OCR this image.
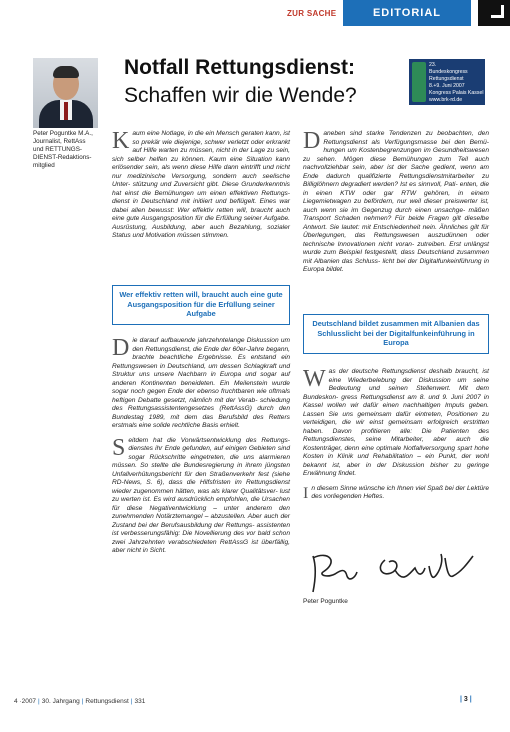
ZUR SACHE	EDITORIAL
Peter Poguntke M.A.,
Journalist, RettAss
und RETTUNGS-
DIENST-Redaktions-
mitglied
Notfall Rettungsdienst:
Schaffen wir die Wende?
23.
Bundeskongress
Rettungsdienst
8.+9. Juni 2007
Kongress Palais Kassel
www.brk-rd.de
Kaum eine Notlage, in die ein Mensch geraten kann, ist so prekär wie diejenige, schwer verletzt oder erkrankt auf Hilfe warten zu müssen, nicht in der Lage zu sein, sich selber helfen zu können. Kaum eine Situation kann erlösender sein, als wenn diese Hilfe dann eintrifft und nicht nur medizinische Versorgung, sondern auch seelische Unter- stützung und Zuversicht gibt. Diese Grunderkenntnis hat einst die Bemühungen um einen effektiven Rettungs- dienst in Deutschland mit initiiert und beflügelt. Eines war dabei allen bewusst: Wer effektiv retten will, braucht auch eine gute Ausgangsposition für die Erfüllung seiner Aufgabe. Ausrüstung, Ausbildung, aber auch Bezahlung, sozialer Status und Motivation müssen stimmen.
Wer effektiv retten will, braucht auch eine gute Ausgangsposition für die Erfüllung seiner Aufgabe
Die darauf aufbauende jahrzehntelange Diskussion um den Rettungsdienst, die Ende der 60er-Jahre begann, brachte beachtliche Ergebnisse. Es entstand ein Rettungswesen in Deutschland, um dessen Schlagkraft und Struktur uns unsere Nachbarn in Europa und sogar auf anderen Kontinenten beneideten. Ein Meilenstein wurde sogar noch gegen Ende der ebenso fruchtbaren wie oftmals heftigen Debatte gesetzt, nämlich mit der Verab- schiedung des Rettungsassistentengesetzes (RettAssG) durch den Bundestag 1989, mit dem das Berufsbild des Retters erstmals eine solide rechtliche Basis erhielt.
Seitdem hat die Vorwärtsentwicklung des Rettungs- dienstes ihr Ende gefunden, auf einigen Gebieten sind sogar Rückschritte eingetreten, die uns alarmieren müssen. So stellte die Bundesregierung in ihrem jüngsten Unfallverhütungsbericht für den Straßenverkehr fest (siehe RD-News, S. 6), dass die Hilfsfristen im Rettungsdienst wieder zugenommen hätten, was als klarer Qualitätsver- lust zu werten ist. Es wird ausdrücklich empfohlen, die Ursachen für diese Negativentwicklung – unter anderem den zunehmenden Notärztemangel – abzustellen. Aber auch der Zustand bei der Berufsausbildung der Rettungs- assistenten ist verbesserungsfähig: Die Novellierung des vor bald schon zwei Jahrzehnten verabschiedeten RettAssG ist überfällig, aber nicht in Sicht.
Daneben sind starke Tendenzen zu beobachten, den Rettungsdienst als Verfügungsmasse bei den Bemü- hungen um Kostenbegrenzungen im Gesundheitswesen zu sehen. Mögen diese Bemühungen zum Teil auch nachvollziehbar sein, aber ist der Sache gedient, wenn am Ende dadurch qualifizierte Rettungsdienstmitarbeiter zu Billiglöhnern degradiert werden? Ist es sinnvoll, Pati- enten, die in einen KTW oder gar RTW gehören, in einem Liegemietwagen zu befördern, nur weil dieser preiswerter ist, auch wenn sie im Gegenzug durch einen unsachge- mäßen Transport Schaden nehmen? Für beide Fragen gilt dieselbe Antwort. Sie lautet: mit Entschiedenheit nein. Ähnliches gilt für Überlegungen, das Rettungswesen auszudünnen oder technische Innovationen nicht voran- zutreiben. Erst unlängst wurde zum Beispiel festgestellt, dass Deutschland zusammen mit Albanien das Schluss- licht bei der Digitalfunkeinführung in Europa bildet.
Deutschland bildet zusammen mit Albanien das Schlusslicht bei der Digitalfunkeinführung in Europa
Was der deutsche Rettungsdienst deshalb braucht, ist eine Wiederbelebung der Diskussion um seine Bedeutung und seinen Stellenwert. Mit dem Bundeskon- gress Rettungsdienst am 8. und 9. Juni 2007 in Kassel wollen wir dafür einen nachhaltigen Impuls geben. Lassen Sie uns gemeinsam dafür eintreten, Positionen zu verteidigen, die wir einst gemeinsam erfolgreich erstritten haben. Davon profitieren alle: Die Patienten des Rettungsdienstes, seine Mitarbeiter, aber auch die Kostenträger, denn eine optimale Notfallversorgung spart hohe Kosten in Klinik und Rehabilitation – ein Punkt, der wohl bekannt ist, aber in der Diskussion bisher zu geringe Erwähnung findet.
In diesem Sinne wünsche ich Ihnen viel Spaß bei der Lektüre des vorliegenden Heftes.
Peter Poguntke
4 ·2007 | 30. Jahrgang | Rettungsdienst | 331	| 3 |
